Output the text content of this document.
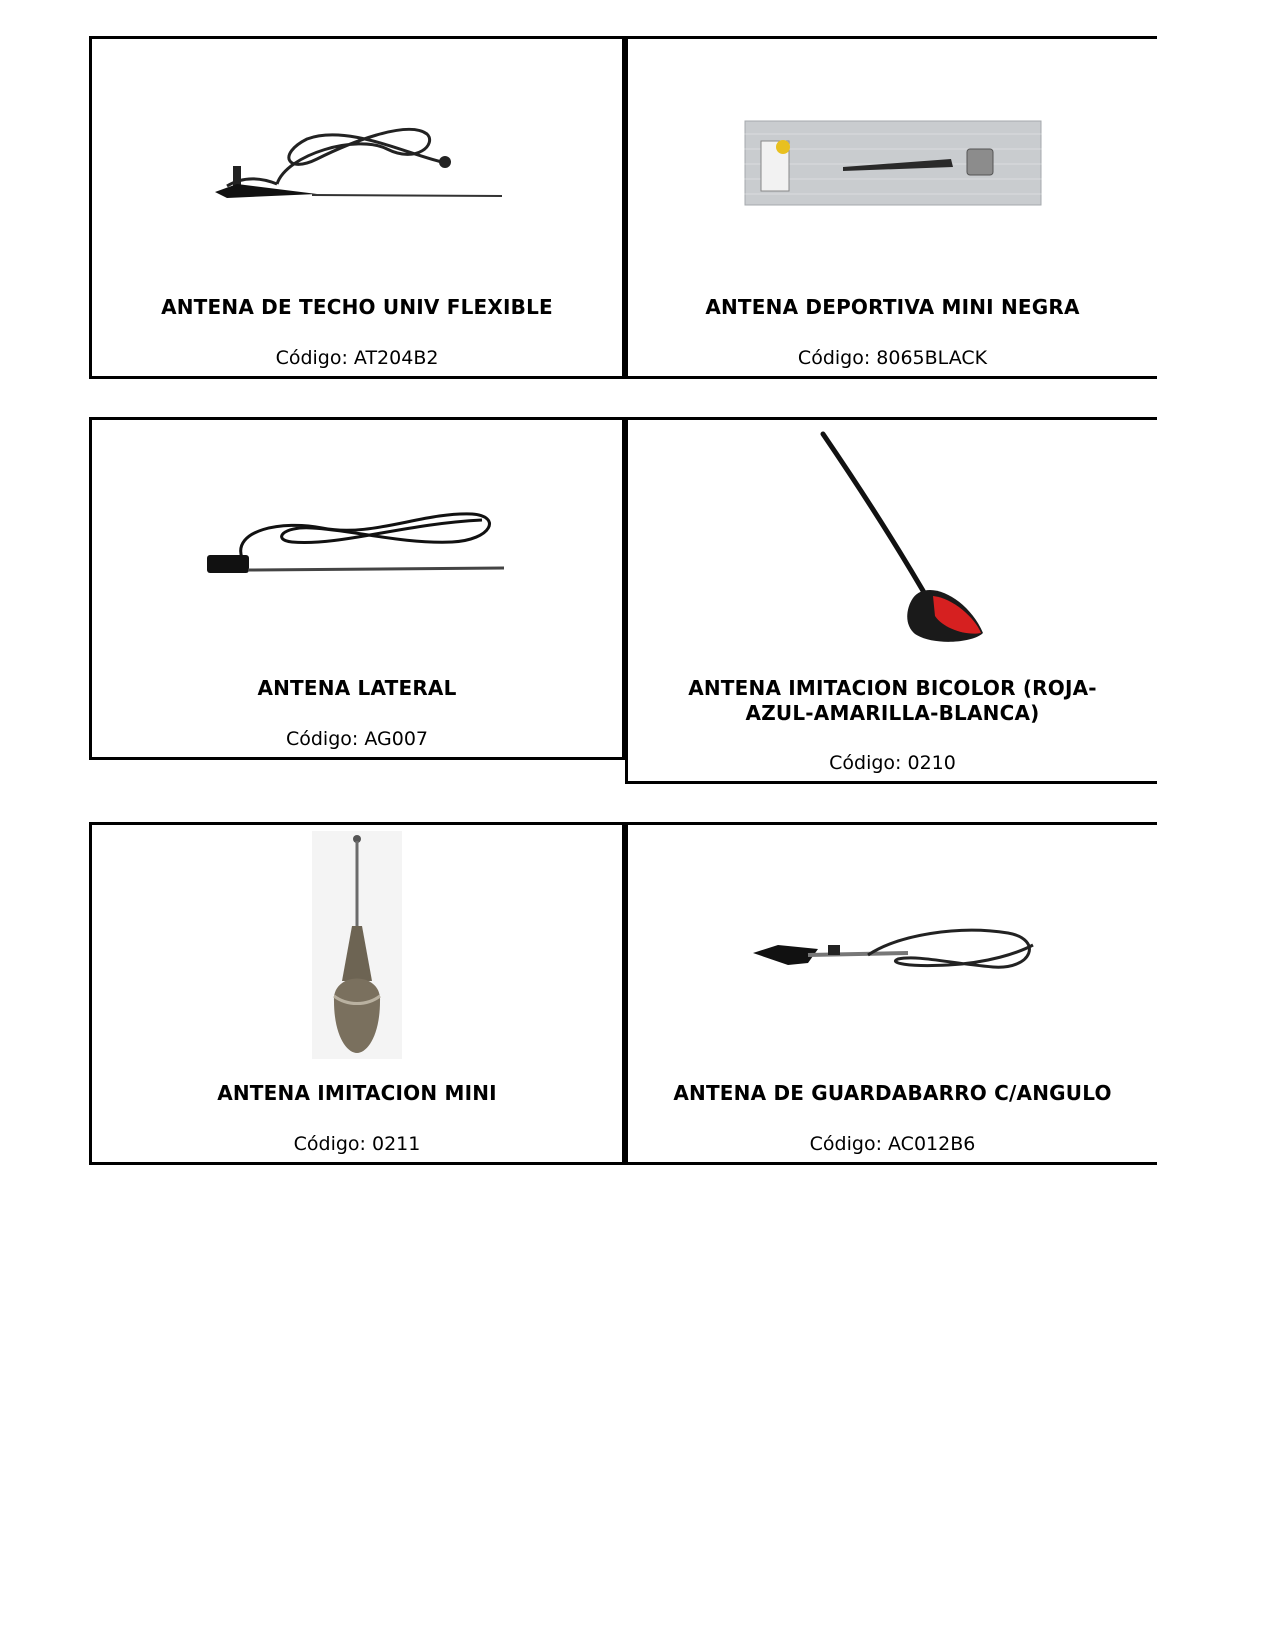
ANTENA DE TECHO UNIV FLEXIBLE
Código: AT204B2
ANTENA DEPORTIVA MINI NEGRA
Código: 8065BLACK
ANTENA LATERAL
Código: AG007
ANTENA IMITACION BICOLOR (ROJA-AZUL-AMARILLA-BLANCA)
Código: 0210
ANTENA IMITACION MINI
Código: 0211
ANTENA DE GUARDABARRO C/ANGULO
Código: AC012B6
